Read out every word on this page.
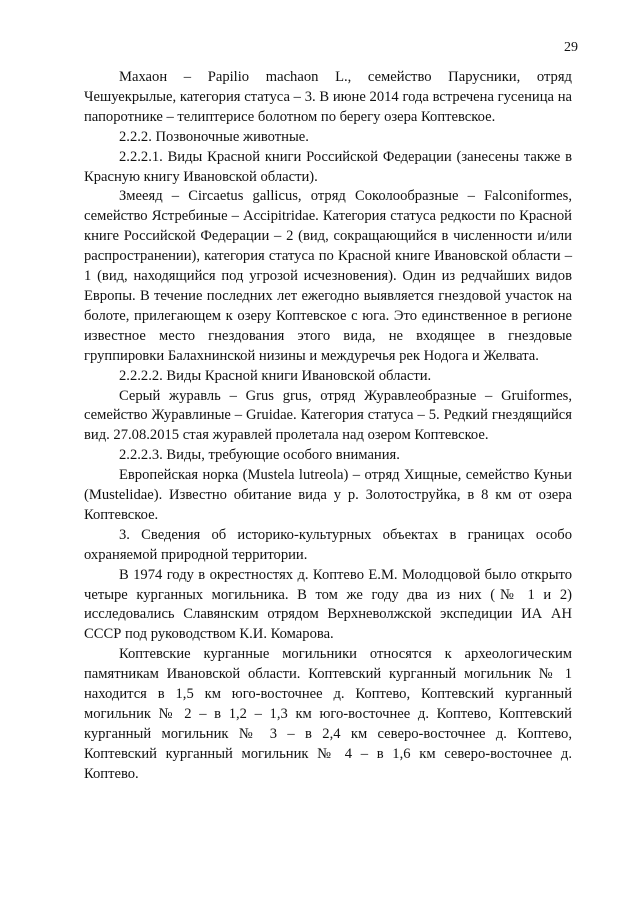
29

Махаон – Papilio machaon L., семейство Парусники, отряд Чешуекрылые, категория статуса – 3. В июне 2014 года встречена гусеница на папоротнике – телиптерисе болотном по берегу озера Коптевское.

2.2.2. Позвоночные животные.

2.2.2.1. Виды Красной книги Российской Федерации (занесены также в Красную книгу Ивановской области).

Змееяд – Circaetus gallicus, отряд Соколообразные – Falconiformes, семейство Ястребиные – Accipitridae. Категория статуса редкости по Красной книге Российской Федерации – 2 (вид, сокращающийся в численности и/или распространении), категория статуса по Красной книге Ивановской области – 1 (вид, находящийся под угрозой исчезновения). Один из редчайших видов Европы. В течение последних лет ежегодно выявляется гнездовой участок на болоте, прилегающем к озеру Коптевское с юга. Это единственное в регионе известное место гнездования этого вида, не входящее в гнездовые группировки Балахнинской низины и междуречья рек Нодога и Желвата.

2.2.2.2. Виды Красной книги Ивановской области.

Серый журавль – Grus grus, отряд Журавлеобразные – Gruiformes, семейство Журавлиные – Gruidae. Категория статуса – 5. Редкий гнездящийся вид. 27.08.2015 стая журавлей пролетала над озером Коптевское.

2.2.2.3. Виды, требующие особого внимания.

Европейская норка (Mustela lutreola) – отряд Хищные, семейство Куньи (Mustelidae). Известно обитание вида у р. Золотоструйка, в 8 км от озера Коптевское.

3. Сведения об историко-культурных объектах в границах особо охраняемой природной территории.

В 1974 году в окрестностях д. Коптево Е.М. Молодцовой было открыто четыре курганных могильника. В том же году два из них (№ 1 и 2) исследовались Славянским отрядом Верхневолжской экспедиции ИА АН СССР под руководством К.И. Комарова.

Коптевские курганные могильники относятся к археологическим памятникам Ивановской области. Коптевский курганный могильник № 1 находится в 1,5 км юго-восточнее д. Коптево, Коптевский курганный могильник № 2 – в 1,2 – 1,3 км юго-восточнее д. Коптево, Коптевский курганный могильник № 3 – в 2,4 км северо-восточнее д. Коптево, Коптевский курганный могильник № 4 – в 1,6 км северо-восточнее д. Коптево.
